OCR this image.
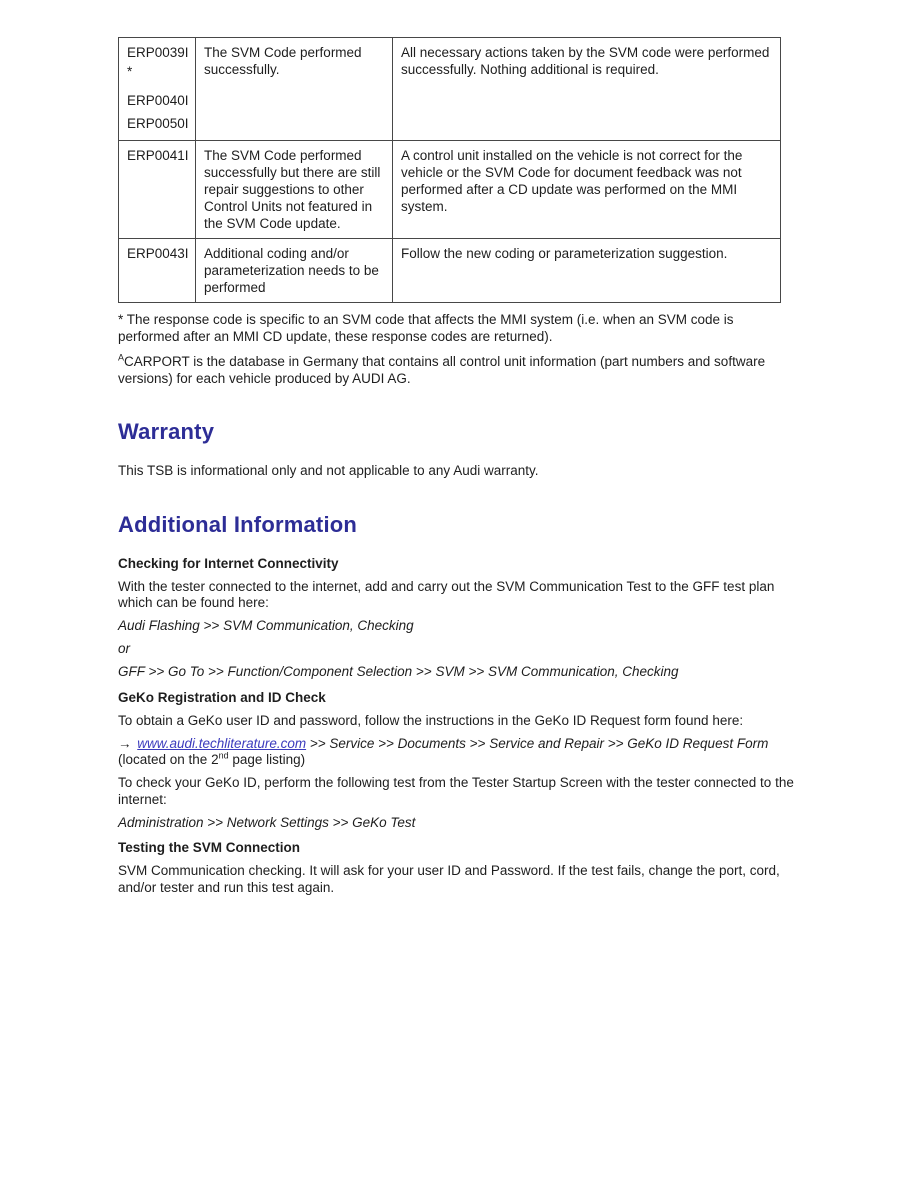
ERP0039I
*
ERP0040I
ERP0050I	The SVM Code performed successfully.	All necessary actions taken by the SVM code were performed successfully. Nothing additional is required.

ERP0041I	The SVM Code performed successfully but there are still repair suggestions to other Control Units not featured in the SVM Code update.	A control unit installed on the vehicle is not correct for the vehicle or the SVM Code for document feedback was not performed after a CD update was performed on the MMI system.

ERP0043I	Additional coding and/or parameterization needs to be performed	Follow the new coding or parameterization suggestion.

* The response code is specific to an SVM code that affects the MMI system (i.e. when an SVM code is performed after an MMI CD update, these response codes are returned).

$^A$CARPORT is the database in Germany that contains all control unit information (part numbers and software versions) for each vehicle produced by AUDI AG.

Warranty

This TSB is informational only and not applicable to any Audi warranty.

Additional Information

Checking for Internet Connectivity

With the tester connected to the internet, add and carry out the SVM Communication Test to the GFF test plan which can be found here:

Audi Flashing >> SVM Communication, Checking

or

GFF >> Go To >> Function/Component Selection >> SVM >> SVM Communication, Checking

GeKo Registration and ID Check

To obtain a GeKo user ID and password, follow the instructions in the GeKo ID Request form found here:

→ www.audi.techliterature.com >> Service >> Documents >> Service and Repair >> GeKo ID Request Form (located on the 2nd page listing)

To check your GeKo ID, perform the following test from the Tester Startup Screen with the tester connected to the internet:

Administration >> Network Settings >> GeKo Test

Testing the SVM Connection

SVM Communication checking. It will ask for your user ID and Password. If the test fails, change the port, cord, and/or tester and run this test again.
